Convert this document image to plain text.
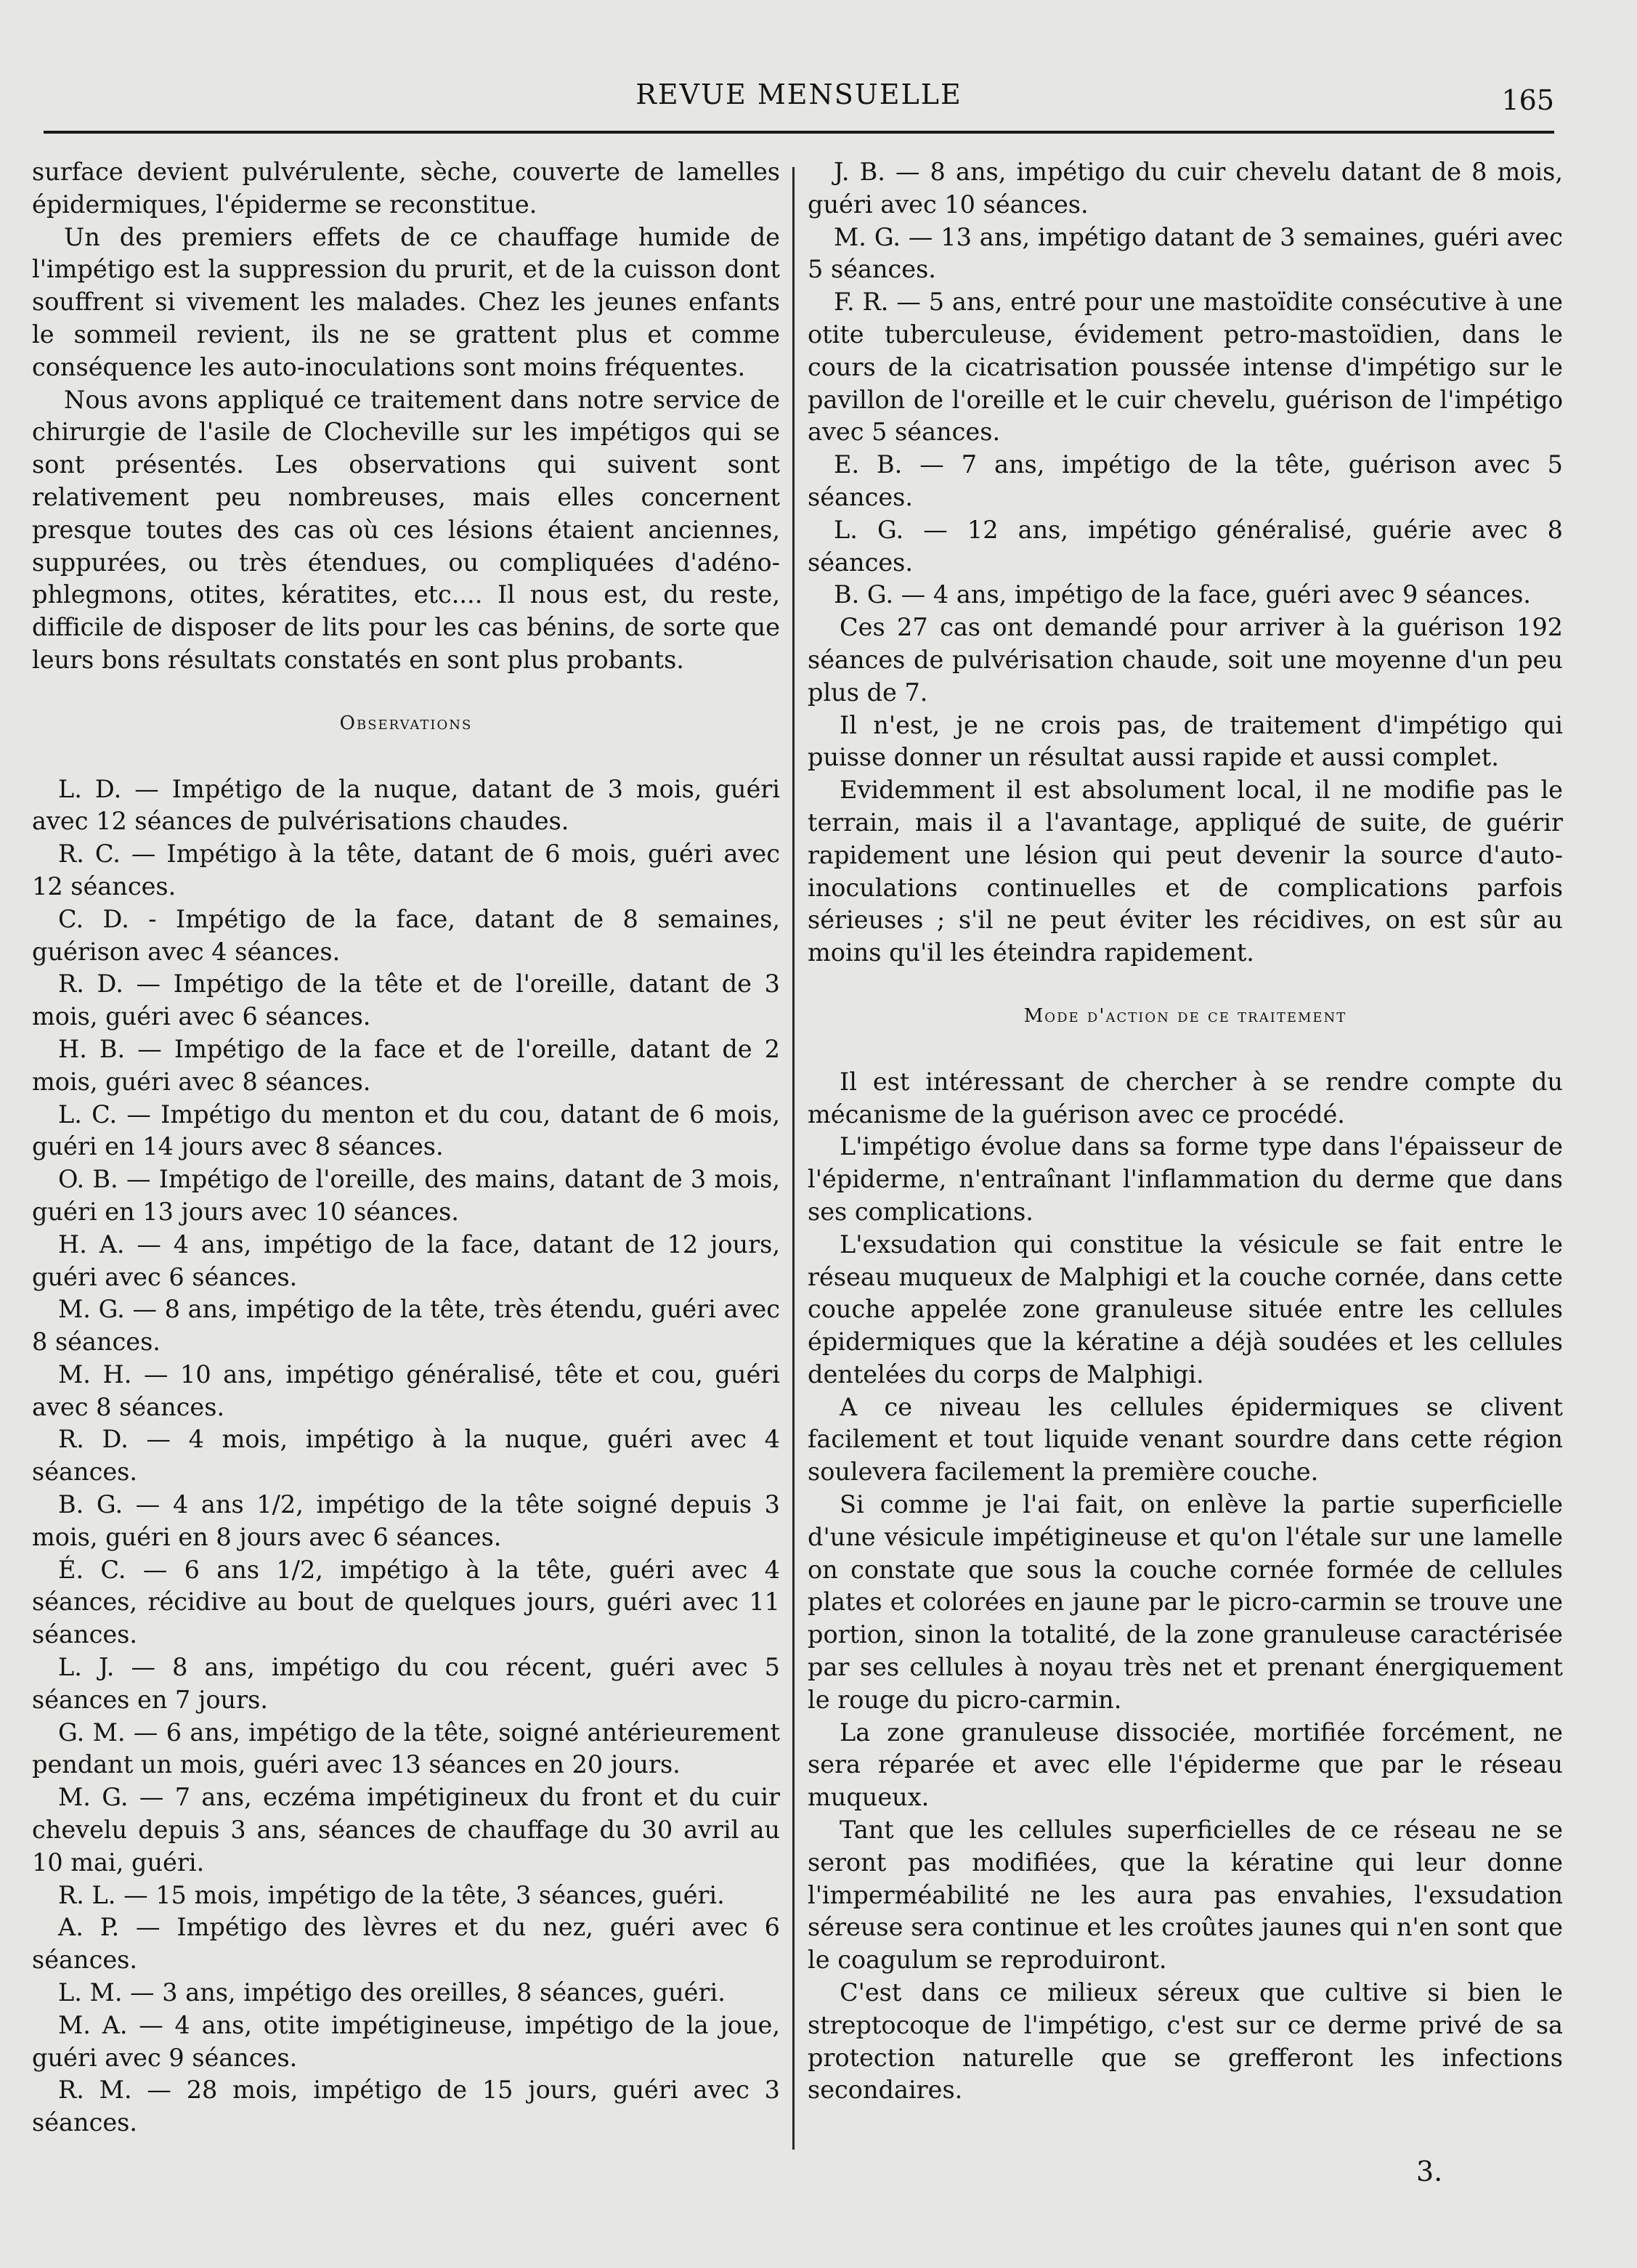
REVUE MENSUELLE	165

surface devient pulvérulente, sèche, couverte de lamelles épidermiques, l'épiderme se reconstitue.

Un des premiers effets de ce chauffage humide de l'impétigo est la suppression du prurit, et de la cuisson dont souffrent si vivement les malades. Chez les jeunes enfants le sommeil revient, ils ne se grattent plus et comme conséquence les auto-inoculations sont moins fréquentes.

Nous avons appliqué ce traitement dans notre service de chirurgie de l'asile de Clocheville sur les impétigos qui se sont présentés. Les observations qui suivent sont relativement peu nombreuses, mais elles concernent presque toutes des cas où ces lésions étaient anciennes, suppurées, ou très étendues, ou compliquées d'adéno-phlegmons, otites, kératites, etc.... Il nous est, du reste, difficile de disposer de lits pour les cas bénins, de sorte que leurs bons résultats constatés en sont plus probants.

Observations

L. D. — Impétigo de la nuque, datant de 3 mois, guéri avec 12 séances de pulvérisations chaudes.

R. C. — Impétigo à la tête, datant de 6 mois, guéri avec 12 séances.

C. D. - Impétigo de la face, datant de 8 semaines, guérison avec 4 séances.

R. D. — Impétigo de la tête et de l'oreille, datant de 3 mois, guéri avec 6 séances.

H. B. — Impétigo de la face et de l'oreille, datant de 2 mois, guéri avec 8 séances.

L. C. — Impétigo du menton et du cou, datant de 6 mois, guéri en 14 jours avec 8 séances.

O. B. — Impétigo de l'oreille, des mains, datant de 3 mois, guéri en 13 jours avec 10 séances.

H. A. — 4 ans, impétigo de la face, datant de 12 jours, guéri avec 6 séances.

M. G. — 8 ans, impétigo de la tête, très étendu, guéri avec 8 séances.

M. H. — 10 ans, impétigo généralisé, tête et cou, guéri avec 8 séances.

R. D. — 4 mois, impétigo à la nuque, guéri avec 4 séances.

B. G. — 4 ans 1/2, impétigo de la tête soigné depuis 3 mois, guéri en 8 jours avec 6 séances.

É. C. — 6 ans 1/2, impétigo à la tête, guéri avec 4 séances, récidive au bout de quelques jours, guéri avec 11 séances.

L. J. — 8 ans, impétigo du cou récent, guéri avec 5 séances en 7 jours.

G. M. — 6 ans, impétigo de la tête, soigné antérieurement pendant un mois, guéri avec 13 séances en 20 jours.

M. G. — 7 ans, eczéma impétigineux du front et du cuir chevelu depuis 3 ans, séances de chauffage du 30 avril au 10 mai, guéri.

R. L. — 15 mois, impétigo de la tête, 3 séances, guéri.

A. P. — Impétigo des lèvres et du nez, guéri avec 6 séances.

L. M. — 3 ans, impétigo des oreilles, 8 séances, guéri.

M. A. — 4 ans, otite impétigineuse, impétigo de la joue, guéri avec 9 séances.

R. M. — 28 mois, impétigo de 15 jours, guéri avec 3 séances.

J. B. — 8 ans, impétigo du cuir chevelu datant de 8 mois, guéri avec 10 séances.

M. G. — 13 ans, impétigo datant de 3 semaines, guéri avec 5 séances.

F. R. — 5 ans, entré pour une mastoïdite consécutive à une otite tuberculeuse, évidement petro-mastoïdien, dans le cours de la cicatrisation poussée intense d'impétigo sur le pavillon de l'oreille et le cuir chevelu, guérison de l'impétigo avec 5 séances.

E. B. — 7 ans, impétigo de la tête, guérison avec 5 séances.

L. G. — 12 ans, impétigo généralisé, guérie avec 8 séances.

B. G. — 4 ans, impétigo de la face, guéri avec 9 séances.

Ces 27 cas ont demandé pour arriver à la guérison 192 séances de pulvérisation chaude, soit une moyenne d'un peu plus de 7.

Il n'est, je ne crois pas, de traitement d'impétigo qui puisse donner un résultat aussi rapide et aussi complet.

Evidemment il est absolument local, il ne modifie pas le terrain, mais il a l'avantage, appliqué de suite, de guérir rapidement une lésion qui peut devenir la source d'auto-inoculations continuelles et de complications parfois sérieuses ; s'il ne peut éviter les récidives, on est sûr au moins qu'il les éteindra rapidement.

Mode d'action de ce traitement

Il est intéressant de chercher à se rendre compte du mécanisme de la guérison avec ce procédé.

L'impétigo évolue dans sa forme type dans l'épaisseur de l'épiderme, n'entraînant l'inflammation du derme que dans ses complications.

L'exsudation qui constitue la vésicule se fait entre le réseau muqueux de Malphigi et la couche cornée, dans cette couche appelée zone granuleuse située entre les cellules épidermiques que la kératine a déjà soudées et les cellules dentelées du corps de Malphigi.

A ce niveau les cellules épidermiques se clivent facilement et tout liquide venant sourdre dans cette région soulevera facilement la première couche.

Si comme je l'ai fait, on enlève la partie superficielle d'une vésicule impétigineuse et qu'on l'étale sur une lamelle on constate que sous la couche cornée formée de cellules plates et colorées en jaune par le picro-carmin se trouve une portion, sinon la totalité, de la zone granuleuse caractérisée par ses cellules à noyau très net et prenant énergiquement le rouge du picro-carmin.

La zone granuleuse dissociée, mortifiée forcément, ne sera réparée et avec elle l'épiderme que par le réseau muqueux.

Tant que les cellules superficielles de ce réseau ne se seront pas modifiées, que la kératine qui leur donne l'imperméabilité ne les aura pas envahies, l'exsudation séreuse sera continue et les croûtes jaunes qui n'en sont que le coagulum se reproduiront.

C'est dans ce milieux séreux que cultive si bien le streptocoque de l'impétigo, c'est sur ce derme privé de sa protection naturelle que se grefferont les infections secondaires.

3.
